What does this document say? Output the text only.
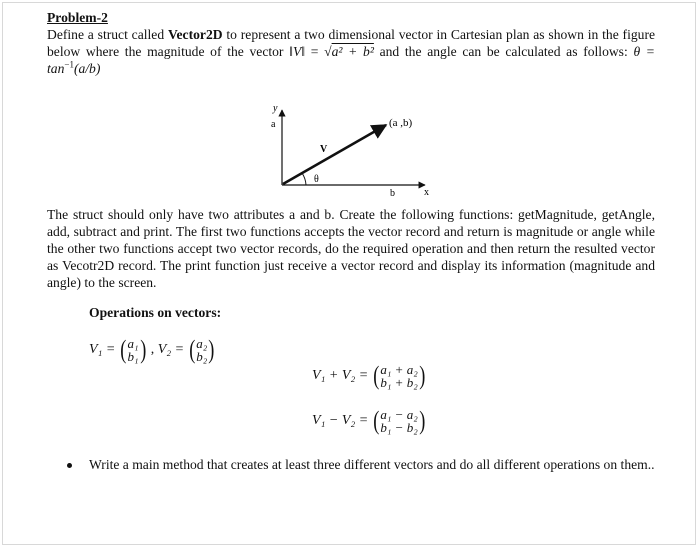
Problem-2

Define a struct called Vector2D to represent a two dimensional vector in Cartesian plan as shown in the figure below where the magnitude of the vector ‖V‖ = √a² + b² and the angle can be calculated as follows: $\theta = \tan^{-1}(a/b)$

y
a	(a ,b)
V
θ
b	x

The struct should only have two attributes a and b. Create the following functions: getMagnitude, getAngle, add, subtract and print. The first two functions accepts the vector record and return is magnitude or angle while the other two functions accept two vector records, do the required operation and then return the resulted vector as Vecotr2D record. The print function just receive a vector record and display its information (magnitude and angle) to the screen.

Operations on vectors:
V₁ = ( a₁
b₁ ) , V₂ = ( a₂
b₂ )
V₁ + V₂ = ( a₁ + a₂
b₁ + b₂ )
V₁ − V₂ = ( a₁ − a₂
b₁ − b₂ )
Write a main method that creates at least three different vectors and do all different operations on them..
